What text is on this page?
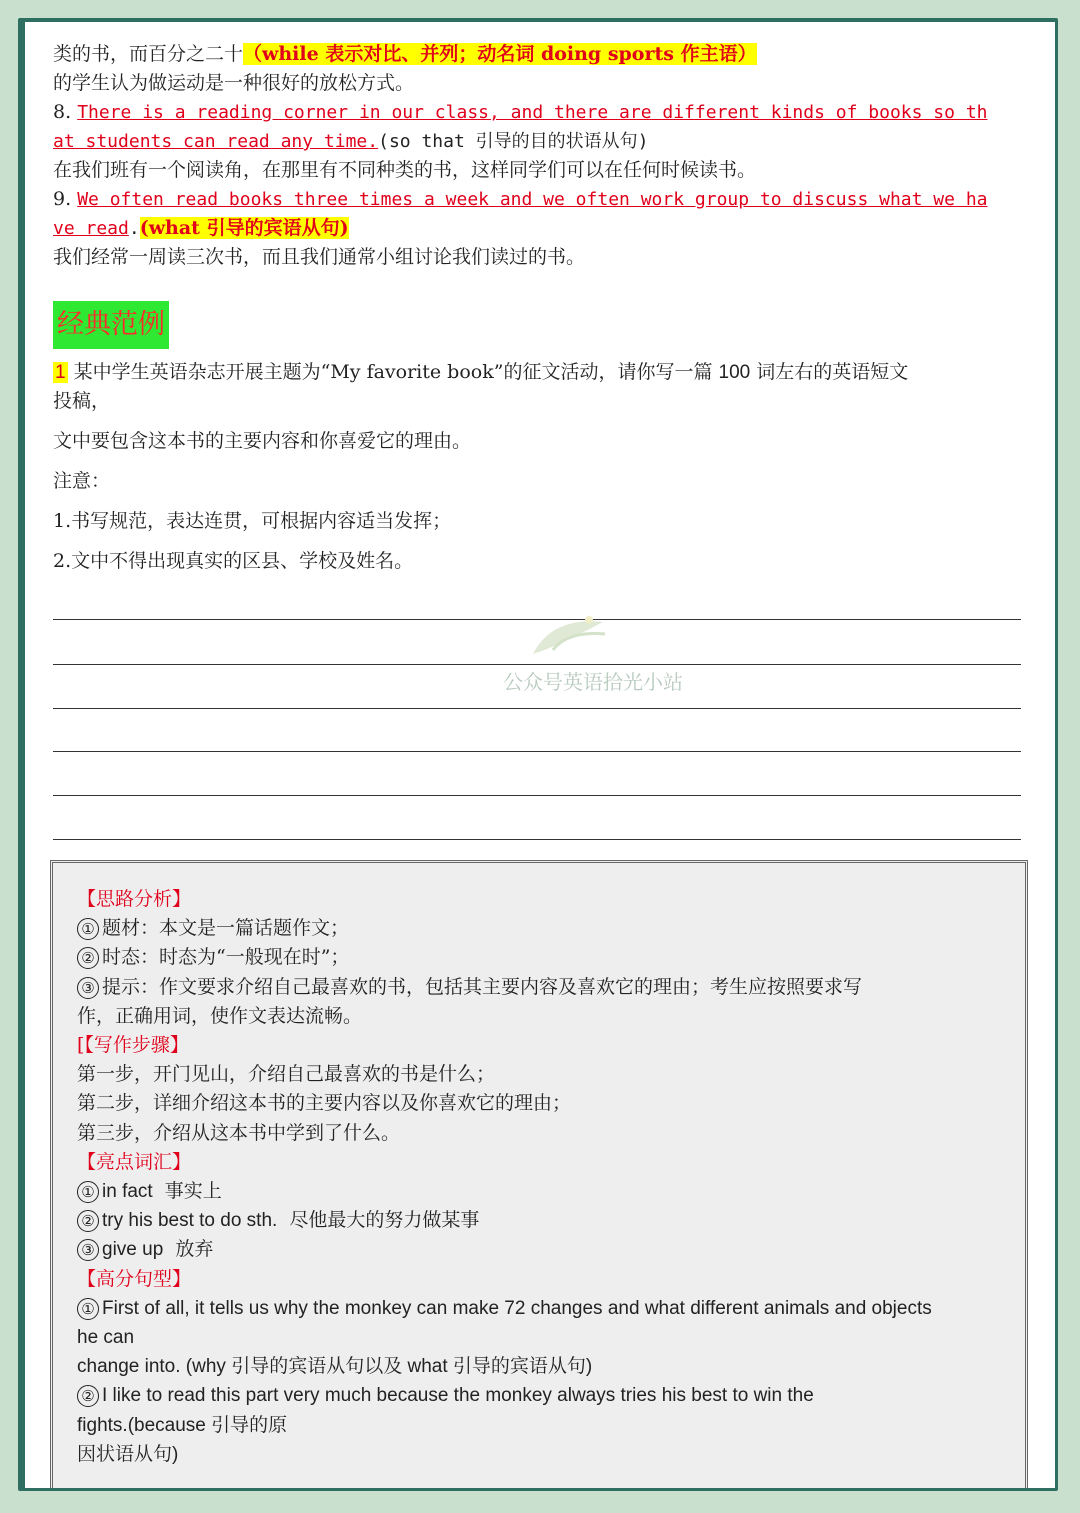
类的书，而百分之二十（while 表示对比、并列；动名词 doing sports 作主语）
的学生认为做运动是一种很好的放松方式。
8. There is a reading corner in our class, and there are different kinds of books so th
at students can read any time.(so that 引导的目的状语从句)
在我们班有一个阅读角，在那里有不同种类的书，这样同学们可以在任何时候读书。
9. We often read books three times a week and we often work group to discuss what we ha
ve read.(what 引导的宾语从句)
我们经常一周读三次书，而且我们通常小组讨论我们读过的书。
经典范例

1 某中学生英语杂志开展主题为“My favorite book”的征文活动，请你写一篇 100 词左右的英语短文
投稿，

文中要包含这本书的主要内容和你喜爱它的理由。

注意：

1.书写规范，表达连贯，可根据内容适当发挥；

2.文中不得出现真实的区县、学校及姓名。

公众号英语拾光小站
【思路分析】
① 题材：本文是一篇话题作文；
② 时态：时态为“一般现在时”；
③ 提示：作文要求介绍自己最喜欢的书，包括其主要内容及喜欢它的理由；考生应按照要求写
作，正确用词，使作文表达流畅。
[【写作步骤】
第一步，开门见山，介绍自己最喜欢的书是什么；
第二步，详细介绍这本书的主要内容以及你喜欢它的理由；
第三步，介绍从这本书中学到了什么。
【亮点词汇】
① in fact 事实上
② try his best to do sth. 尽他最大的努力做某事
③ give up 放弃
【高分句型】
① First of all, it tells us why the monkey can make 72 changes and what different animals and objects
he can
change into. (why 引导的宾语从句以及 what 引导的宾语从句)
② I like to read this part very much because the monkey always tries his best to win the
fights.(because 引导的原
因状语从句)
